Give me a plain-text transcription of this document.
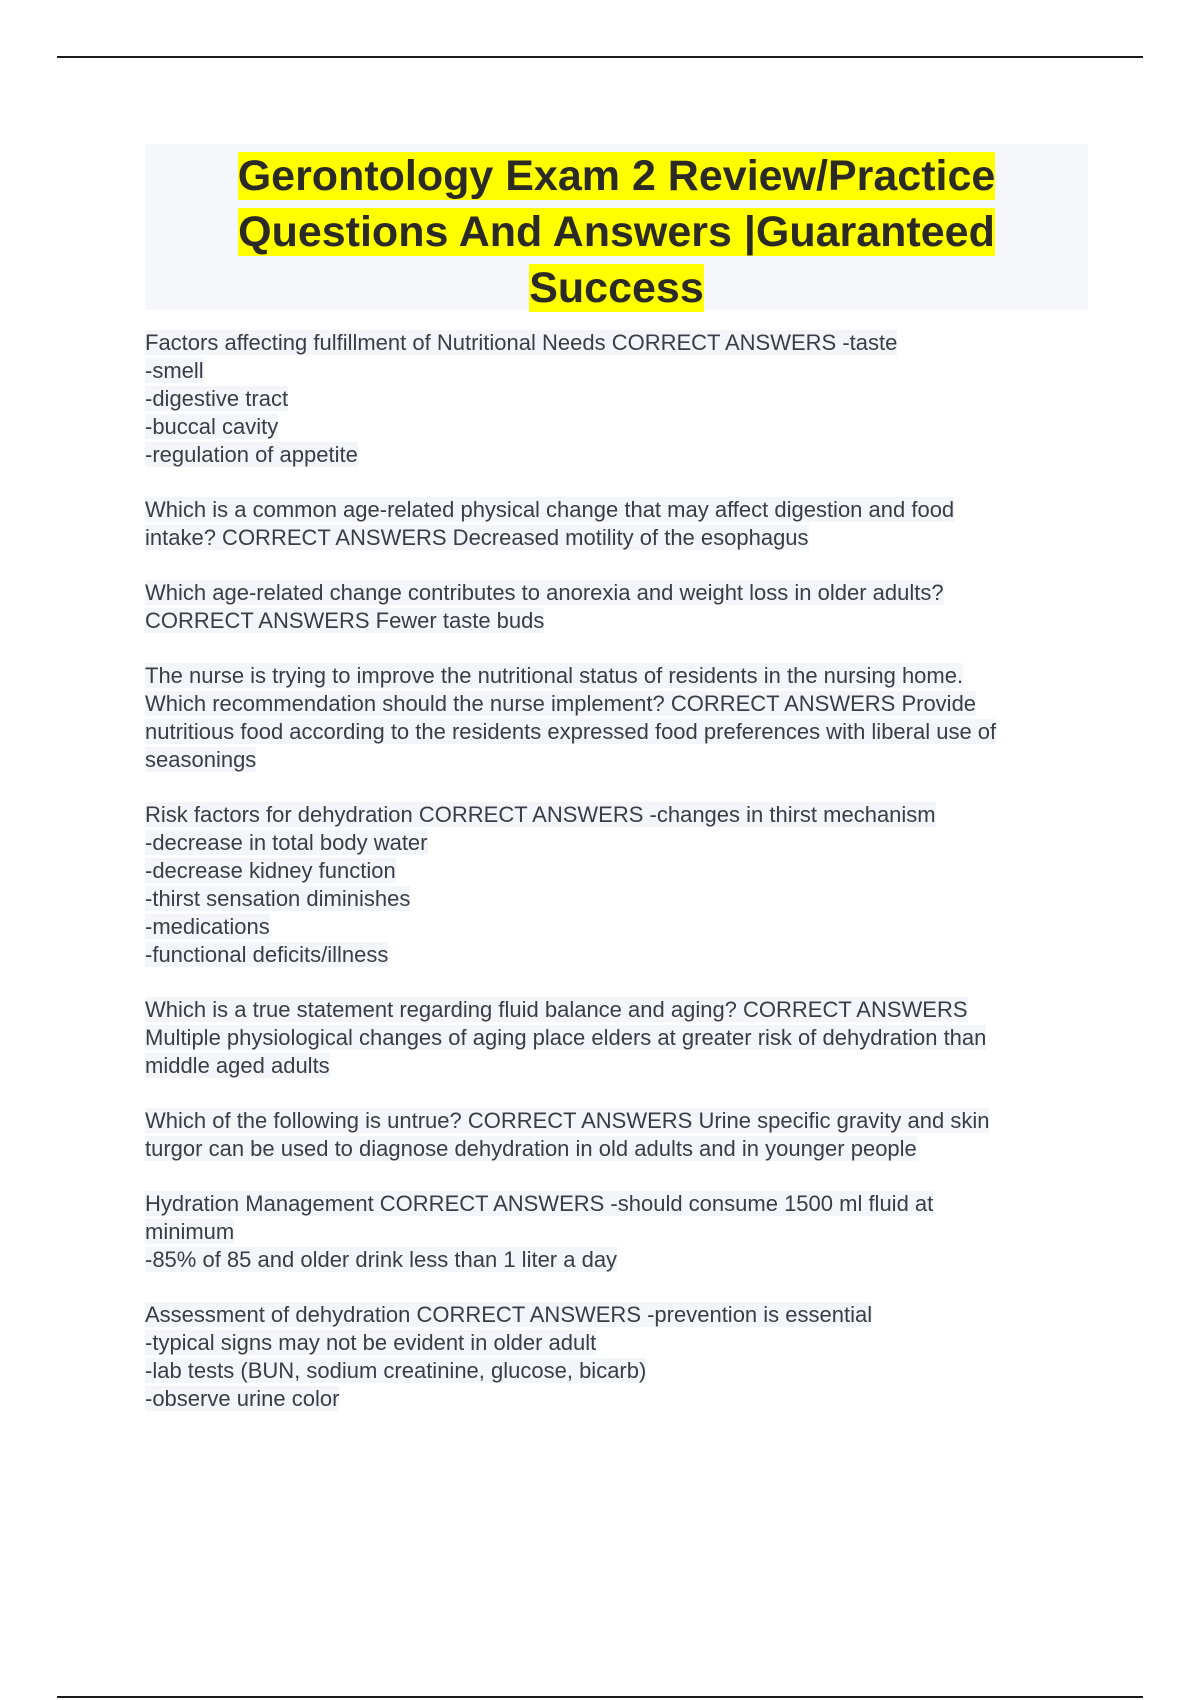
Gerontology Exam 2 Review/Practice
Questions And Answers |Guaranteed
Success

Factors affecting fulfillment of Nutritional Needs CORRECT ANSWERS -taste
-smell
-digestive tract
-buccal cavity
-regulation of appetite

Which is a common age-related physical change that may affect digestion and food
intake? CORRECT ANSWERS Decreased motility of the esophagus

Which age-related change contributes to anorexia and weight loss in older adults?
CORRECT ANSWERS Fewer taste buds

The nurse is trying to improve the nutritional status of residents in the nursing home.
Which recommendation should the nurse implement? CORRECT ANSWERS Provide
nutritious food according to the residents expressed food preferences with liberal use of
seasonings

Risk factors for dehydration CORRECT ANSWERS -changes in thirst mechanism
-decrease in total body water
-decrease kidney function
-thirst sensation diminishes
-medications
-functional deficits/illness

Which is a true statement regarding fluid balance and aging? CORRECT ANSWERS
Multiple physiological changes of aging place elders at greater risk of dehydration than
middle aged adults

Which of the following is untrue? CORRECT ANSWERS Urine specific gravity and skin
turgor can be used to diagnose dehydration in old adults and in younger people

Hydration Management CORRECT ANSWERS -should consume 1500 ml fluid at
minimum
-85% of 85 and older drink less than 1 liter a day

Assessment of dehydration CORRECT ANSWERS -prevention is essential
-typical signs may not be evident in older adult
-lab tests (BUN, sodium creatinine, glucose, bicarb)
-observe urine color
